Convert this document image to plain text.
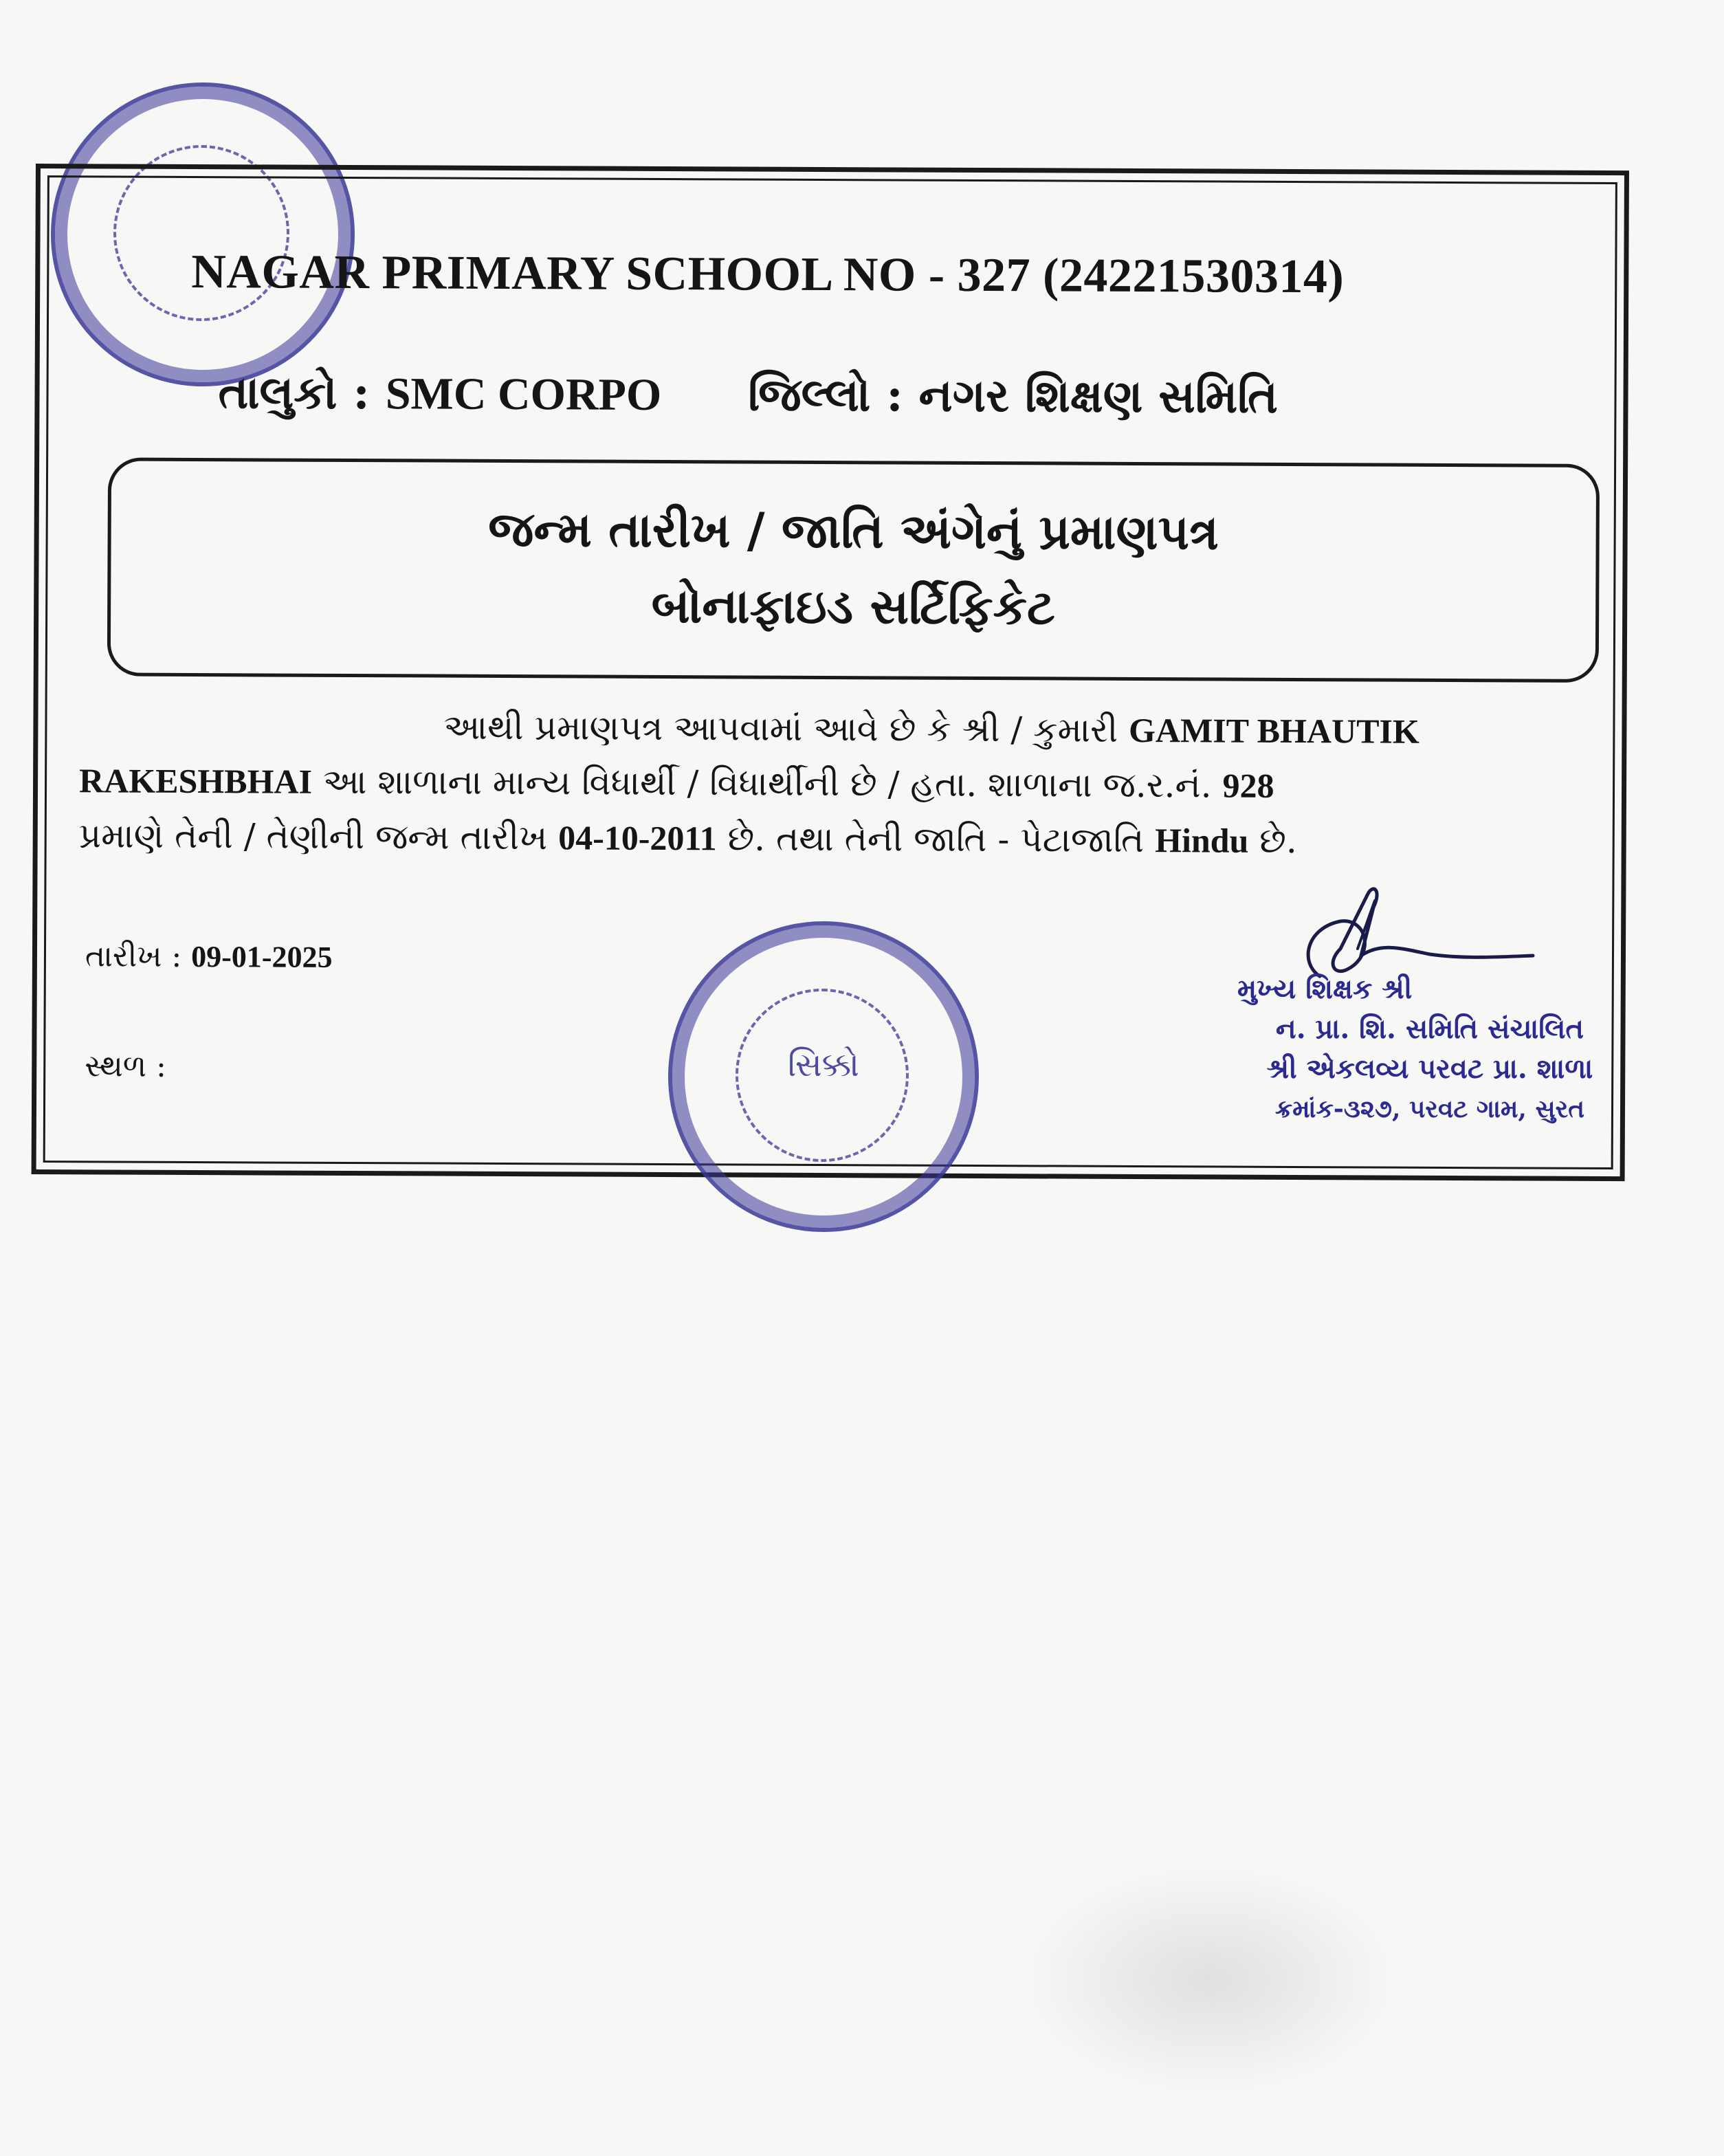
NAGAR PRIMARY SCHOOL NO - 327 (24221530314)
તાલુકો : SMC CORPO જિલ્લો : નગર શિક્ષણ સમિતિ
જન્મ તારીખ / જાતિ અંગેનું પ્રમાણપત્ર
બોનાફાઇડ સર્ટિફિકેટ
આથી પ્રમાણપત્ર આપવામાં આવે છે કે શ્રી / કુમારી GAMIT BHAUTIK
RAKESHBHAI આ શાળાના માન્ય વિધાર્થી / વિધાર્થીની છે / હતા. શાળાના જ.ર.નં. 928
પ્રમાણે તેની / તેણીની જન્મ તારીખ 04-10-2011 છે. તથા તેની જાતિ - પેટાજાતિ Hindu છે.
તારીખ : 09-01-2025
સ્થળ :	સિક્કો
મુખ્ય શિક્ષક શ્રી
ન. પ્રા. શિ. સમિતિ સંચાલિત
શ્રી એકલવ્ય પરવટ પ્રા. શાળા
ક્રમાંક-૩૨૭, પરવટ ગામ, સુરત
